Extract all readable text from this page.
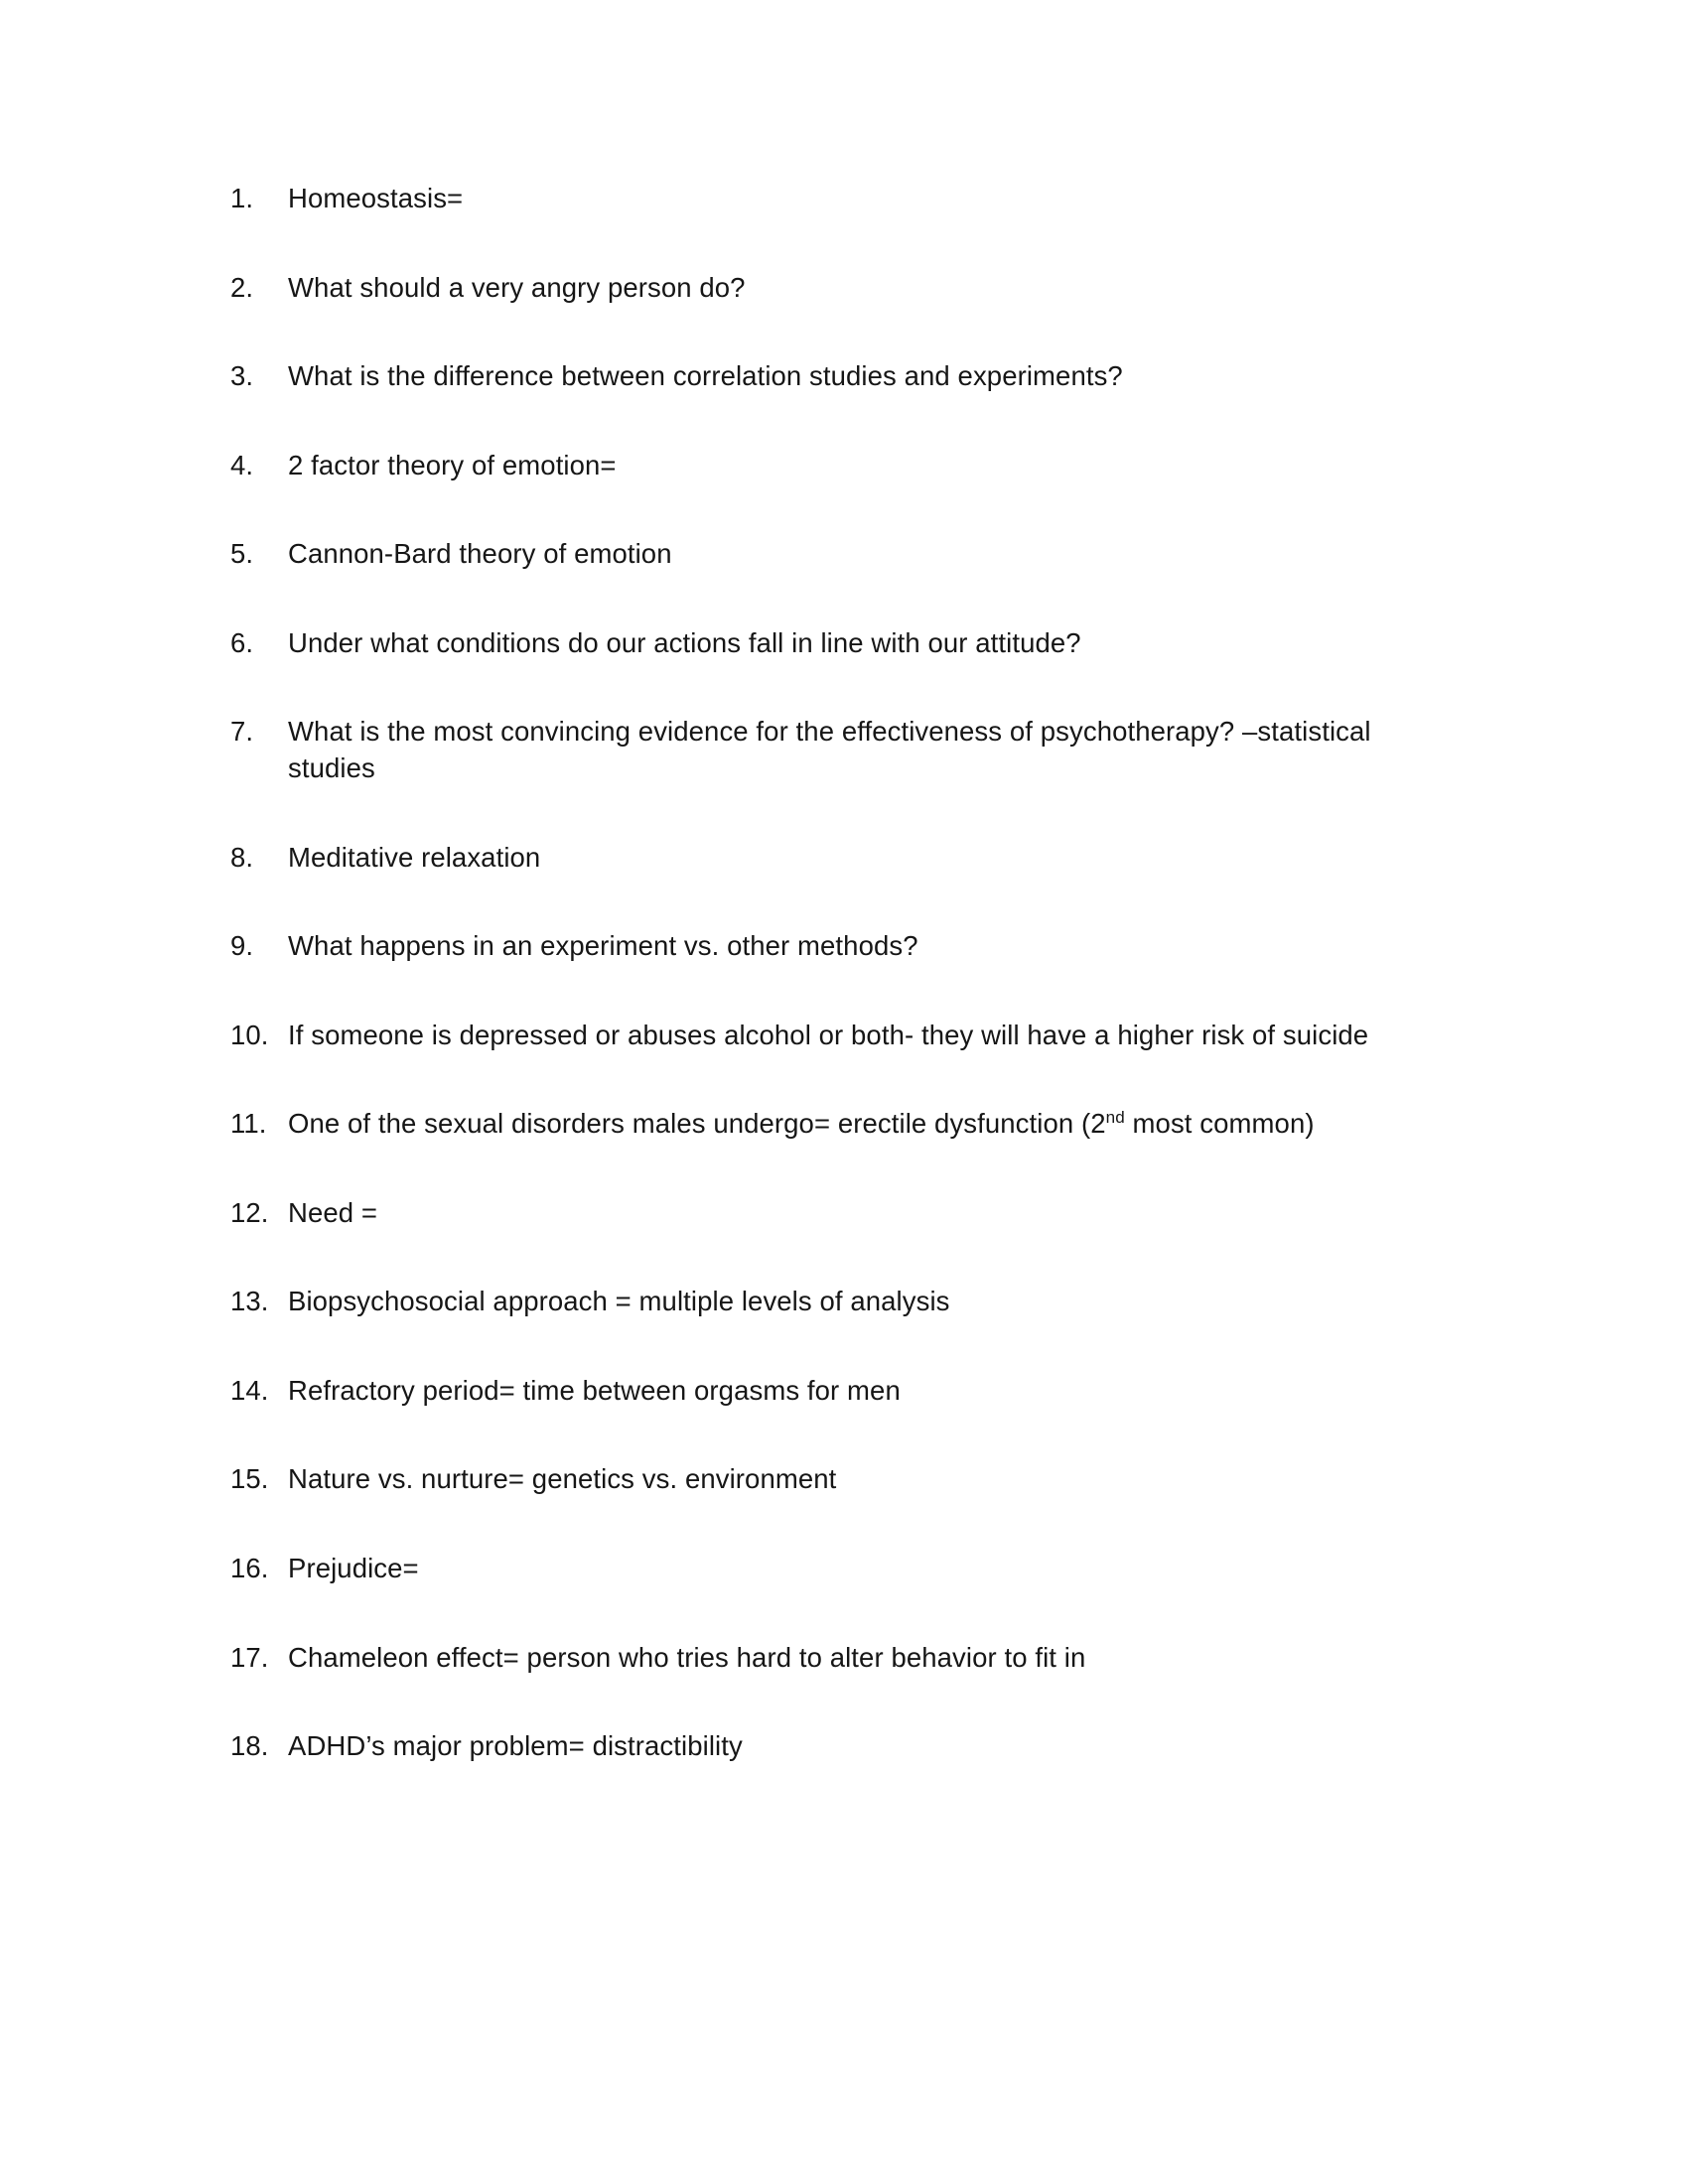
1.	Homeostasis=
2.	What should a very angry person do?
3.	What is the difference between correlation studies and experiments?
4.	2 factor theory of emotion=
5.	Cannon-Bard theory of emotion
6.	Under what conditions do our actions fall in line with our attitude?
7.	What is the most convincing evidence for the effectiveness of psychotherapy? –statistical studies
8.	Meditative relaxation
9.	What happens in an experiment vs. other methods?
10. If someone is depressed or abuses alcohol or both- they will have a higher risk of suicide
11. One of the sexual disorders males undergo= erectile dysfunction (2nd most common)
12. Need =
13. Biopsychosocial approach = multiple levels of analysis
14. Refractory period= time between orgasms for men
15. Nature vs. nurture= genetics vs. environment
16. Prejudice=
17. Chameleon effect= person who tries hard to alter behavior to fit in
18. ADHD’s major problem= distractibility
